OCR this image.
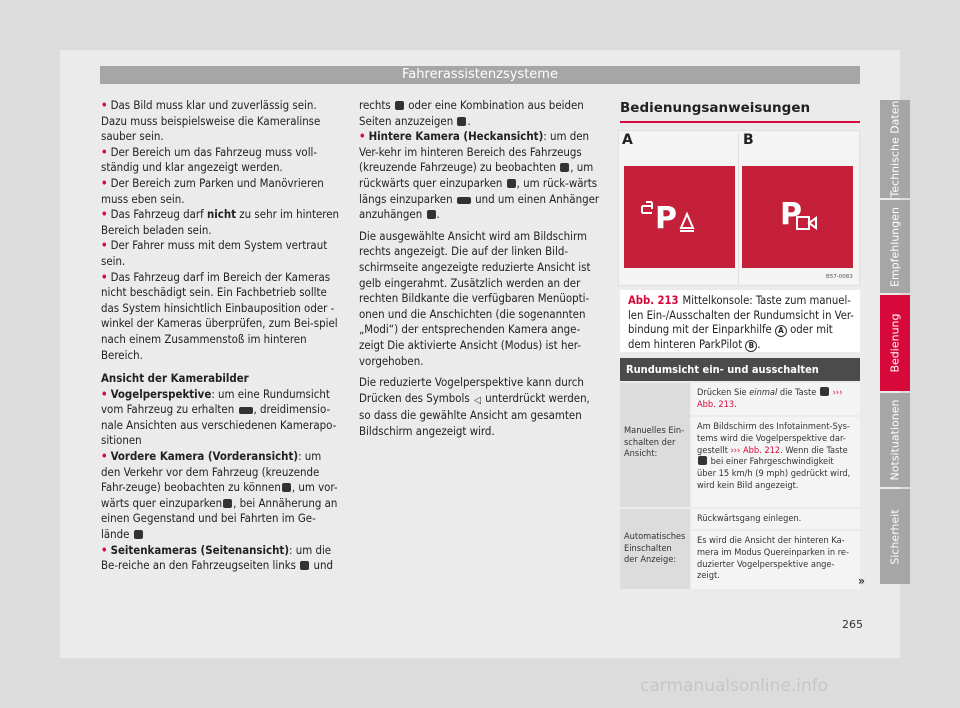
Fahrerassistenzsysteme
• Das Bild muss klar und zuverlässig sein. Dazu muss beispielsweise die Kameralinse sauber sein.
• Der Bereich um das Fahrzeug muss voll-ständig und klar angezeigt werden.
• Der Bereich zum Parken und Manövrieren muss eben sein.
• Das Fahrzeug darf nicht zu sehr im hinteren Bereich beladen sein.
• Der Fahrer muss mit dem System vertraut sein.
• Das Fahrzeug darf im Bereich der Kameras nicht beschädigt sein. Ein Fachbetrieb sollte das System hinsichtlich Einbauposition oder -winkel der Kameras überprüfen, zum Bei-spiel nach einem Zusammenstoß im hinteren Bereich.
Ansicht der Kamerabilder
• Vogelperspektive: um eine Rundumsicht vom Fahrzeug zu erhalten , dreidimensio-nale Ansichten aus verschiedenen Kamerapo-sitionen
• Vordere Kamera (Vorderansicht): um den Verkehr vor dem Fahrzeug (kreuzende Fahr-zeuge) beobachten zu können , um vor-wärts quer einzuparken , bei Annäherung an einen Gegenstand und bei Fahrten im Ge-lände
• Seitenkameras (Seitenansicht): um die Be-reiche an den Fahrzeugseiten links  und

rechts  oder eine Kombination aus beiden Seiten anzuzeigen .

• Hintere Kamera (Heckansicht): um den Ver-kehr im hinteren Bereich des Fahrzeugs (kreuzende Fahrzeuge) zu beobachten , um rückwärts quer einzuparken , um rück-wärts längs einzuparken  und um einen Anhänger anzuhängen .

Die ausgewählte Ansicht wird am Bildschirm rechts angezeigt. Die auf der linken Bild-schirmseite angezeigte reduzierte Ansicht ist gelb eingerahmt. Zusätzlich werden an der rechten Bildkante die verfügbaren Menüopti-onen und die Anschichten (die sogenannten „Modi“) der entsprechenden Kamera ange-zeigt Die aktivierte Ansicht (Modus) ist her-vorgehoben.

Die reduzierte Vogelperspektive kann durch Drücken des Symbols ◁ unterdrückt werden, so dass die gewählte Ansicht am gesamten Bildschirm angezeigt wird.

Bedienungsanweisungen
A	B
P	P
B57-0083
Abb. 213 Mittelkonsole: Taste zum manuel-len Ein-/Ausschalten der Rundumsicht in Ver-bindung mit der Einparkhilfe A oder mit dem hinteren ParkPilot B .
Rundumsicht ein- und ausschalten
Manuelles Ein-schalten der Ansicht:
Drücken Sie einmal die Taste  ››› Abb. 213.
Am Bildschirm des Infotainment-Sys-tems wird die Vogelperspektive dar-gestellt ››› Abb. 212. Wenn die Taste  bei einer Fahrgeschwindigkeit über 15 km/h (9 mph) gedrückt wird, wird kein Bild angezeigt.
Automatisches Einschalten der Anzeige:
Rückwärtsgang einlegen.
Es wird die Ansicht der hinteren Ka-mera im Modus Quereinparken in re-duzierter Vogelperspektive ange-zeigt.	»
Technische Daten
Empfehlungen
Bedienung
Notsituationen
Sicherheit
265
carmanualsonline.info
